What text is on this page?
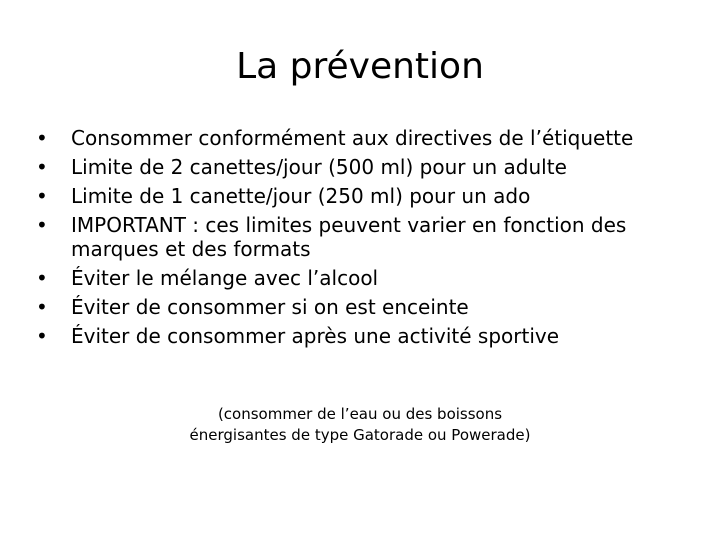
La prévention
•	Consommer conformément aux directives de l’étiquette
•	Limite de 2 canettes/jour (500 ml) pour un adulte
•	Limite de 1 canette/jour (250 ml) pour un ado
•	IMPORTANT : ces limites peuvent varier en fonction des marques et des formats
•	Éviter le mélange avec l’alcool
•	Éviter de consommer si on est enceinte
•	Éviter de consommer après une activité sportive

(consommer de l’eau ou des boissons
énergisantes de type Gatorade ou Powerade)
